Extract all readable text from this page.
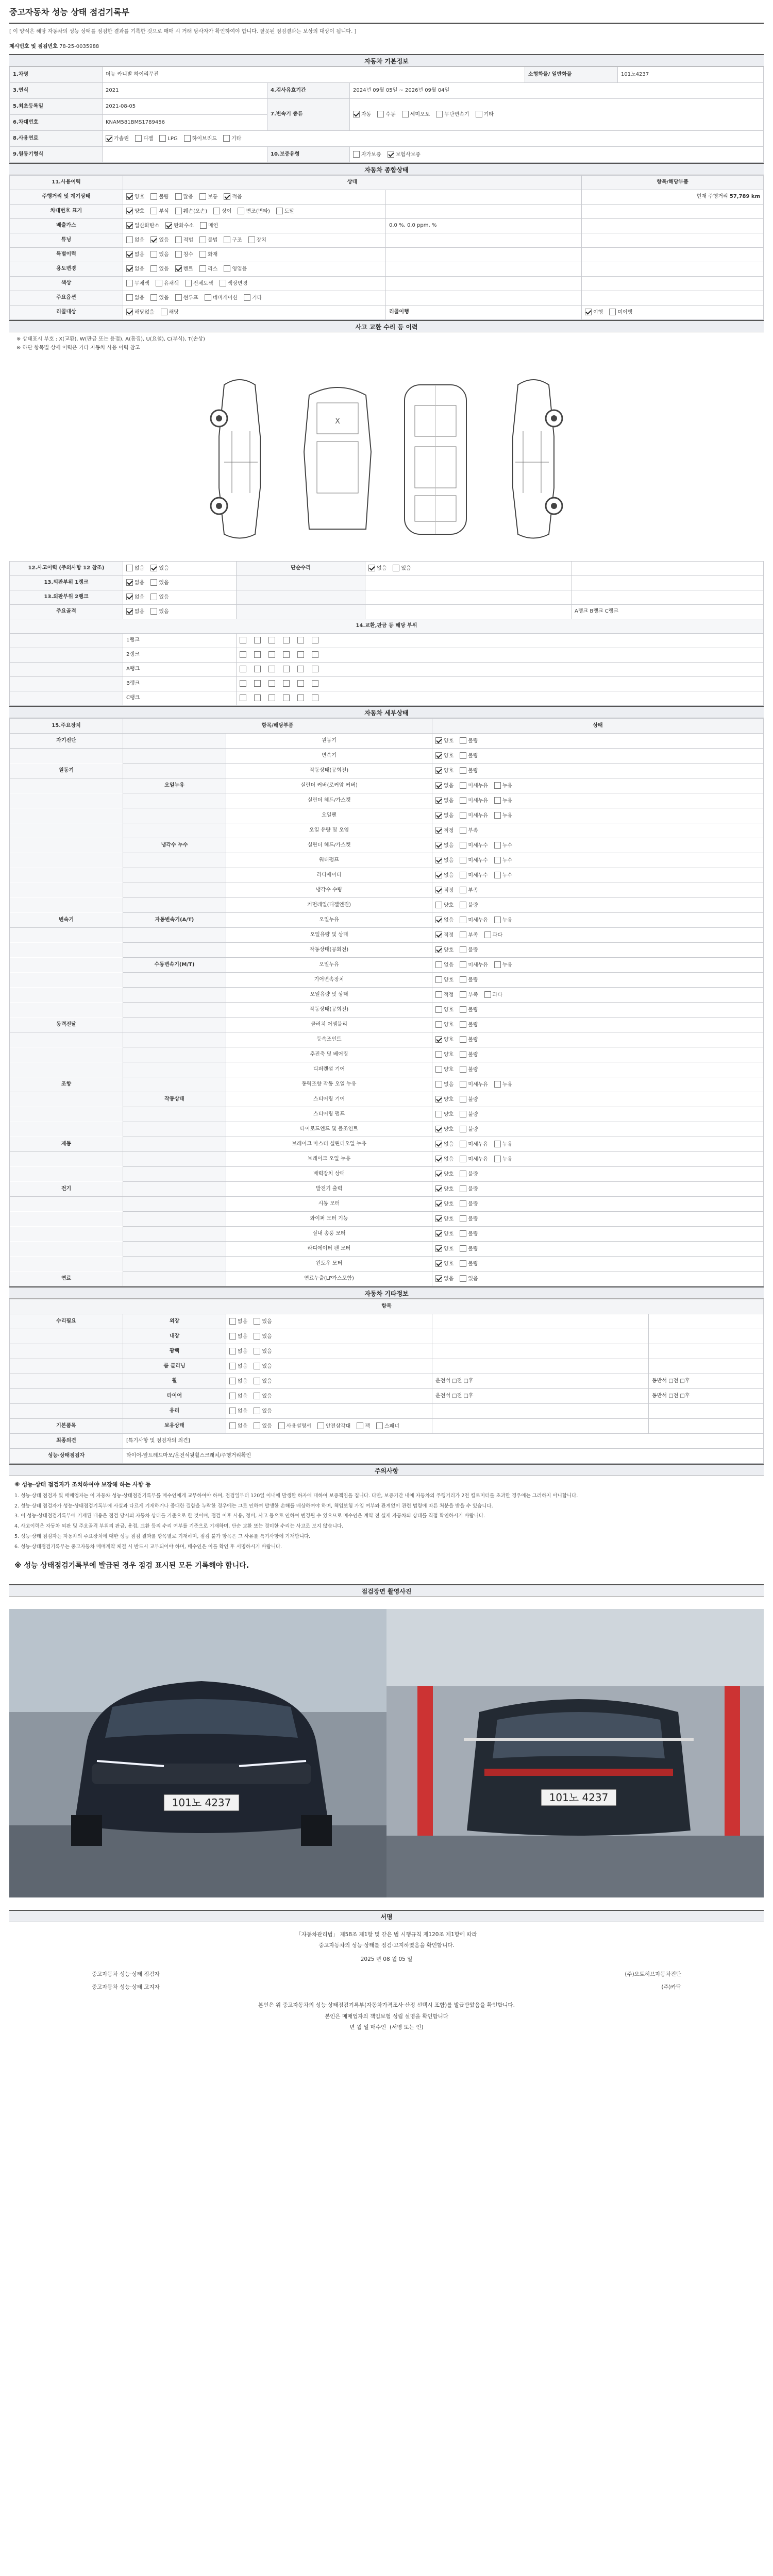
중고자동차 성능 상태 점검기록부
[ 이 양식은 해당 자동차의 성능 상태를 점검한 결과를 기록한 것으로 매매 시 거래 당사자가 확인하여야 합니다. 잘못된 점검결과는 보상의 대상이 됩니다. ]
제시번호 및 점검번호 78-25-0035988
자동차 기본정보
1.차명	더뉴 카니발 하이리무진			소형화물/ 일반화물	101노4237
3.연식	2021	4.검사유효기간	2024년 09월 05일 ~ 2026년 09월 04일		
5.최초등록일	2021-08-05	7.변속기 종류	자동 수동 세미오토 무단변속기 기타		
6.차대번호	KNAM581BMS1789456				
8.사용연료	가솔린 디젤 LPG 하이브리드 기타				
9.원동기형식		10.보증유형	자가보증 보험사보증		
자동차 종합상태
11.사용이력	상태		항목/해당부품
주행거리 및 계기상태	양호 불량 많음 보통 적음		현재 주행거리 57,789 km
차대번호 표기	양호 부식 훼손(오손) 상이 변조(변타) 도말		
배출가스	일산화탄소 탄화수소 매연	0.0 %, 0.0 ppm, %	
튜닝	없음 있음 적법 불법 구조 장치		
특별이력	없음 있음 침수 화재		
용도변경	없음 있음 렌트 리스 영업용		
색상	무채색 유채색 전체도색 색상변경		
주요옵션	없음 있음 썬루프 네비게이션 기타		
리콜대상	해당없음 해당	리콜이행	이행 미이행
사고 교환 수리 등 이력
※ 상태표시 부호 : X(교환), W(판금 또는 용접), A(흠집), U(요철), C(부식), T(손상)
※ 하단 항목별 상세 이력은 기타 자동차 사용 이력 참고
X
12.사고이력 (주의사항 12 참조)	없음 있음	단순수리	없음 있음	
13.외판부위 1랭크	없음 있음			
13.외판부위 2랭크	없음 있음			
주요골격	없음 있음			A랭크 B랭크 C랭크
14.교환,판금 등 해당 부위				
	1랭크			
	2랭크			
	A랭크			
	B랭크			
	C랭크			
자동차 세부상태
15.주요장치	항목/해당부품		상태
자기진단		원동기	양호 불량
		변속기	양호 불량
원동기		작동상태(공회전)	양호 불량
	오일누유	실린더 커버(로커암 커버)	없음 미세누유 누유
		실린더 헤드/가스켓	없음 미세누유 누유
		오일팬	없음 미세누유 누유
		오일 유량 및 오염	적정 부족
	냉각수 누수	실린더 헤드/가스켓	없음 미세누수 누수
		워터펌프	없음 미세누수 누수
		라디에이터	없음 미세누수 누수
		냉각수 수량	적정 부족
		커먼레일(디젤엔진)	양호 불량
변속기	자동변속기(A/T)	오일누유	없음 미세누유 누유
		오일유량 및 상태	적정 부족 과다
		작동상태(공회전)	양호 불량
	수동변속기(M/T)	오일누유	없음 미세누유 누유
		기어변속장치	양호 불량
		오일유량 및 상태	적정 부족 과다
		작동상태(공회전)	양호 불량
동력전달		클러치 어셈블리	양호 불량
		등속조인트	양호 불량
		추진축 및 베어링	양호 불량
		디퍼렌셜 기어	양호 불량
조향		동력조향 작동 오일 누유	없음 미세누유 누유
	작동상태	스티어링 기어	양호 불량
		스티어링 펌프	양호 불량
		타이로드엔드 및 볼조인트	양호 불량
제동		브레이크 마스터 실린더오일 누유	없음 미세누유 누유
		브레이크 오일 누유	없음 미세누유 누유
		배력장치 상태	양호 불량
전기		발전기 출력	양호 불량
		시동 모터	양호 불량
		와이퍼 모터 기능	양호 불량
		실내 송풍 모터	양호 불량
		라디에이터 팬 모터	양호 불량
		윈도우 모터	양호 불량
연료		연료누출(LP가스포함)	없음 있음
자동차 기타정보
항목				
수리필요	외장	없음 있음		
	내장	없음 있음		
	광택	없음 있음		
	룸 클리닝	없음 있음		
	휠	없음 있음	운전석 □전 □후	동반석 □전 □후
	타이어	없음 있음	운전석 □전 □후	동반석 □전 □후
	유리	없음 있음		
기본품목	보유상태	없음 있음 사용설명서 안전삼각대 잭 스패너		
최종의견	[특기사항 및 점검자의 의견]			
성능·상태점검자	타이어-앞트레드마모/운전석뒷휠스크래치/주행거리확인			
주의사항
※ 성능·상태 점검자가 조치하여야 보장해 하는 사항 등

1. 성능·상태 점검자 및 매매업자는 이 자동차 성능·상태점검기록부를 매수인에게 교부하여야 하며, 점검일부터 120일 이내에 발생한 하자에 대하여 보증책임을 집니다. 다만, 보증기간 내에 자동차의 주행거리가 2천 킬로미터를 초과한 경우에는 그러하지 아니합니다.

2. 성능·상태 점검자가 성능·상태점검기록부에 사실과 다르게 기재하거나 중대한 결함을 누락한 경우에는 그로 인하여 발생한 손해를 배상하여야 하며, 책임보험 가입 여부와 관계없이 관련 법령에 따른 처분을 받을 수 있습니다.

3. 이 성능·상태점검기록부에 기재된 내용은 점검 당시의 자동차 상태를 기준으로 한 것이며, 점검 이후 사용, 정비, 사고 등으로 인하여 변경될 수 있으므로 매수인은 계약 전 실제 자동차의 상태를 직접 확인하시기 바랍니다.

4. 사고이력은 자동차 외판 및 주요골격 부위의 판금, 용접, 교환 등의 수리 여부를 기준으로 기재하며, 단순 교환 또는 경미한 수리는 사고로 보지 않습니다.

5. 성능·상태 점검자는 자동차의 주요장치에 대한 성능 점검 결과를 항목별로 기재하며, 점검 불가 항목은 그 사유를 특기사항에 기재합니다.

6. 성능·상태점검기록부는 중고자동차 매매계약 체결 시 반드시 교부되어야 하며, 매수인은 이를 확인 후 서명하시기 바랍니다.

※ 성능 상태점검기록부에 발급된 경우 점검 표시된 모든 기록해야 합니다.
점검장면 촬영사진
101노 4237	101노 4237
서명

「자동차관리법」 제58조 제1항 및 같은 법 시행규칙 제120조 제1항에 따라

중고자동차의 성능·상태를 점검·고지하였음을 확인합니다.

2025 년 08 월 05 일

중고자동차 성능·상태 점검자	(주)오토허브자동차진단
중고자동차 성능·상태 고지자	(주)카닥

본인은 위 중고자동차의 성능·상태점검기록부(자동차가격조사·산정 선택시 포함)를 발급받았음을 확인합니다.

본인은 매매업자의 책임보험 성립 설명을 확인합니다

년 월 일 매수인 (서명 또는 인)
